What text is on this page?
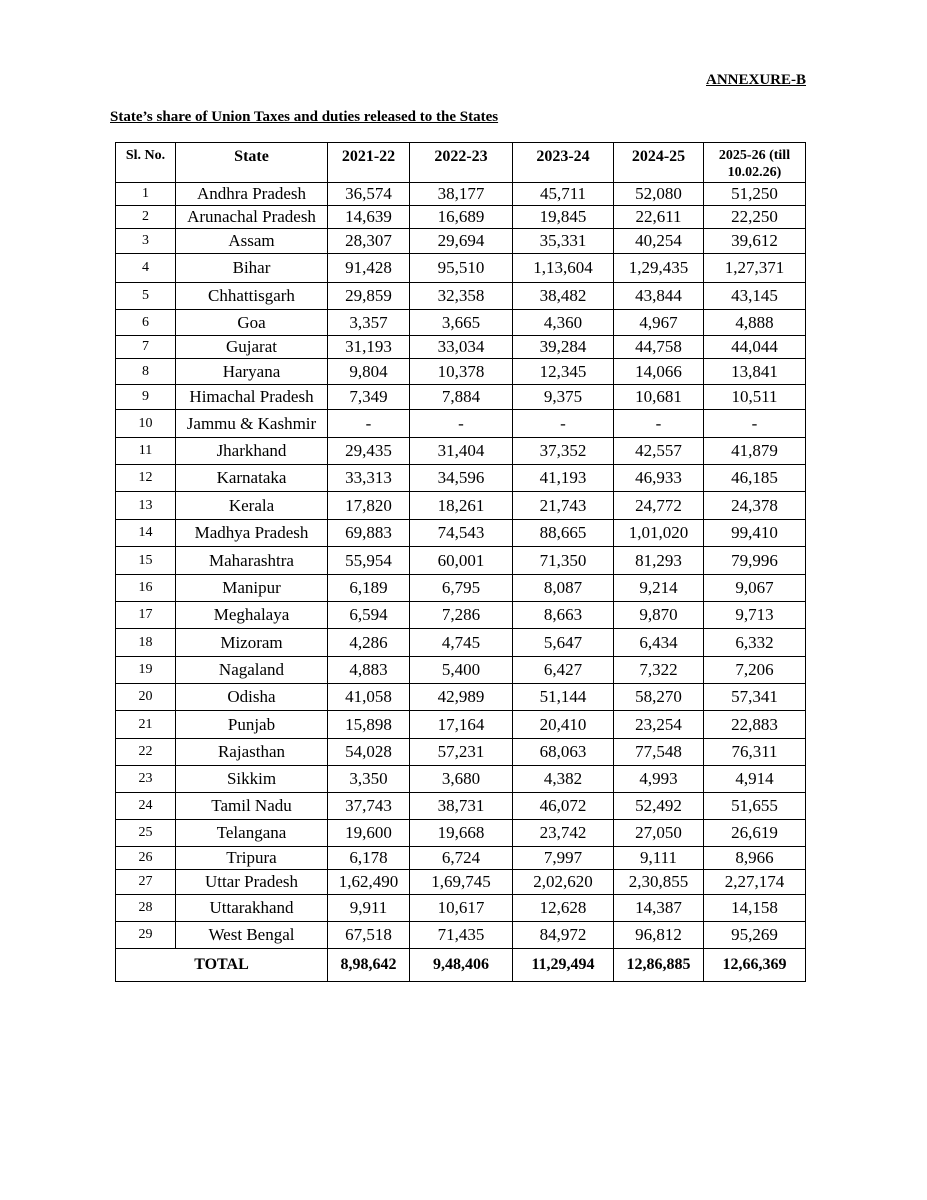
ANNEXURE-B
State’s share of Union Taxes and duties released to the States
Sl. No.	State	2021-22	2022-23	2023-24	2024-25	2025-26 (till 10.02.26)
1	Andhra Pradesh	36,574	38,177	45,711	52,080	51,250
2	Arunachal Pradesh	14,639	16,689	19,845	22,611	22,250
3	Assam	28,307	29,694	35,331	40,254	39,612
4	Bihar	91,428	95,510	1,13,604	1,29,435	1,27,371
5	Chhattisgarh	29,859	32,358	38,482	43,844	43,145
6	Goa	3,357	3,665	4,360	4,967	4,888
7	Gujarat	31,193	33,034	39,284	44,758	44,044
8	Haryana	9,804	10,378	12,345	14,066	13,841
9	Himachal Pradesh	7,349	7,884	9,375	10,681	10,511
10	Jammu & Kashmir	-	-	-	-	-
11	Jharkhand	29,435	31,404	37,352	42,557	41,879
12	Karnataka	33,313	34,596	41,193	46,933	46,185
13	Kerala	17,820	18,261	21,743	24,772	24,378
14	Madhya Pradesh	69,883	74,543	88,665	1,01,020	99,410
15	Maharashtra	55,954	60,001	71,350	81,293	79,996
16	Manipur	6,189	6,795	8,087	9,214	9,067
17	Meghalaya	6,594	7,286	8,663	9,870	9,713
18	Mizoram	4,286	4,745	5,647	6,434	6,332
19	Nagaland	4,883	5,400	6,427	7,322	7,206
20	Odisha	41,058	42,989	51,144	58,270	57,341
21	Punjab	15,898	17,164	20,410	23,254	22,883
22	Rajasthan	54,028	57,231	68,063	77,548	76,311
23	Sikkim	3,350	3,680	4,382	4,993	4,914
24	Tamil Nadu	37,743	38,731	46,072	52,492	51,655
25	Telangana	19,600	19,668	23,742	27,050	26,619
26	Tripura	6,178	6,724	7,997	9,111	8,966
27	Uttar Pradesh	1,62,490	1,69,745	2,02,620	2,30,855	2,27,174
28	Uttarakhand	9,911	10,617	12,628	14,387	14,158
29	West Bengal	67,518	71,435	84,972	96,812	95,269
TOTAL		8,98,642	9,48,406	11,29,494	12,86,885	12,66,369
